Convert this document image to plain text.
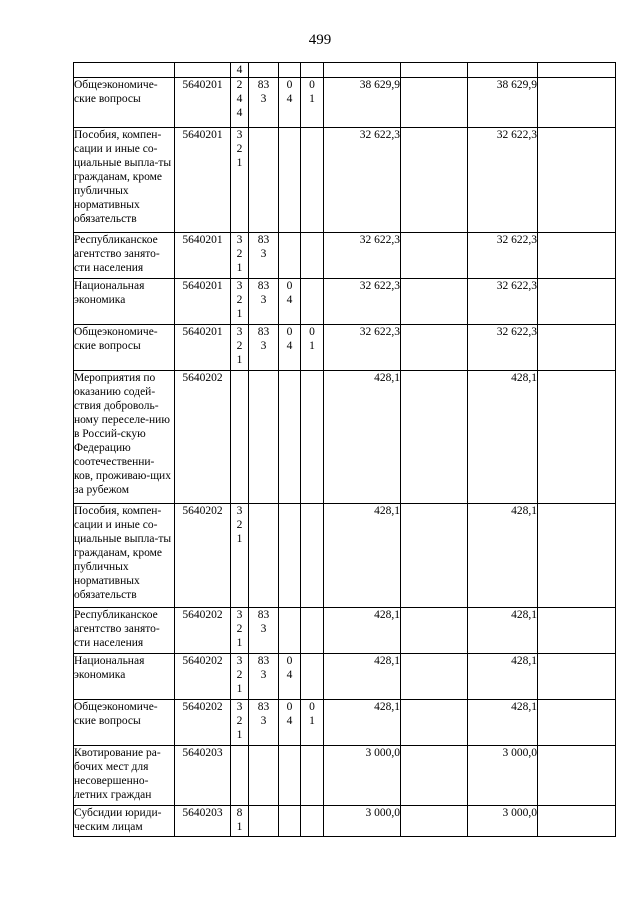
499

		4							

Общеэкономиче-ские вопросы	5640201	244	833	04	01	38 629,9		38 629,9	

Пособия, компен-сации и иные со-циальные выпла-ты гражданам, кроме публичных нормативных обязательств	5640201	321				32 622,3		32 622,3	

Республиканское агентство занято-сти населения	5640201	321	833			32 622,3		32 622,3	

Национальная экономика	5640201	321	833	04		32 622,3		32 622,3	

Общеэкономиче-ские вопросы	5640201	321	833	04	01	32 622,3		32 622,3	

Мероприятия по оказанию содей-ствия доброволь-ному переселе-нию в Россий-скую Федерацию соотечественни-ков, проживаю-щих за рубежом	5640202					428,1		428,1	

Пособия, компен-сации и иные со-циальные выпла-ты гражданам, кроме публичных нормативных обязательств	5640202	321				428,1		428,1	

Республиканское агентство занято-сти населения	5640202	321	833			428,1		428,1	

Национальная экономика	5640202	321	833	04		428,1		428,1	

Общеэкономиче-ские вопросы	5640202	321	833	04	01	428,1		428,1	

Квотирование ра-бочих мест для несовершенно-летних граждан	5640203					3 000,0		3 000,0	

Субсидии юриди-ческим лицам	5640203	81				3 000,0		3 000,0	
